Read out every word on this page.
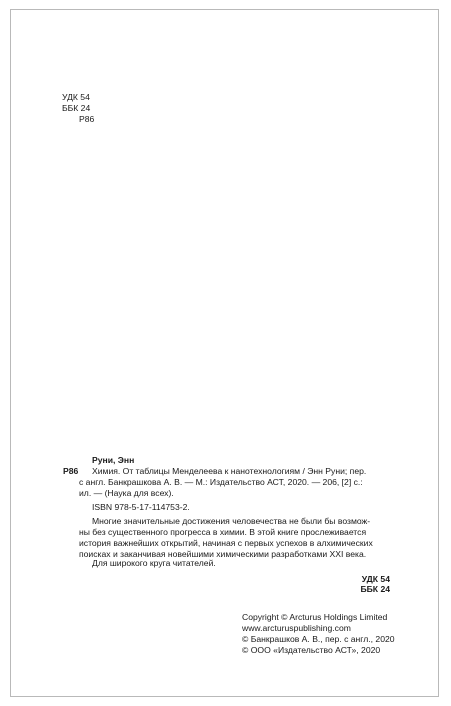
УДК 54
ББК 24
Р86
Руни, Энн
Р86 Химия. От таблицы Менделеева к нанотехнологиям / Энн Руни; пер.
с англ. Банкрашкова А. В. — М.: Издательство АСТ, 2020. — 206, [2] с.:
ил. — (Наука для всех).
ISBN 978-5-17-114753-2.
Многие значительные достижения человечества не были бы возмож-
ны без существенного прогресса в химии. В этой книге прослеживается
история важнейших открытий, начиная с первых успехов в алхимических
поисках и заканчивая новейшими химическими разработками XXI века.
Для широкого круга читателей.
УДК 54
ББК 24
Copyright © Arcturus Holdings Limited
www.arcturuspublishing.com
© Банкрашков А. В., пер. с англ., 2020
© ООО «Издательство АСТ», 2020
